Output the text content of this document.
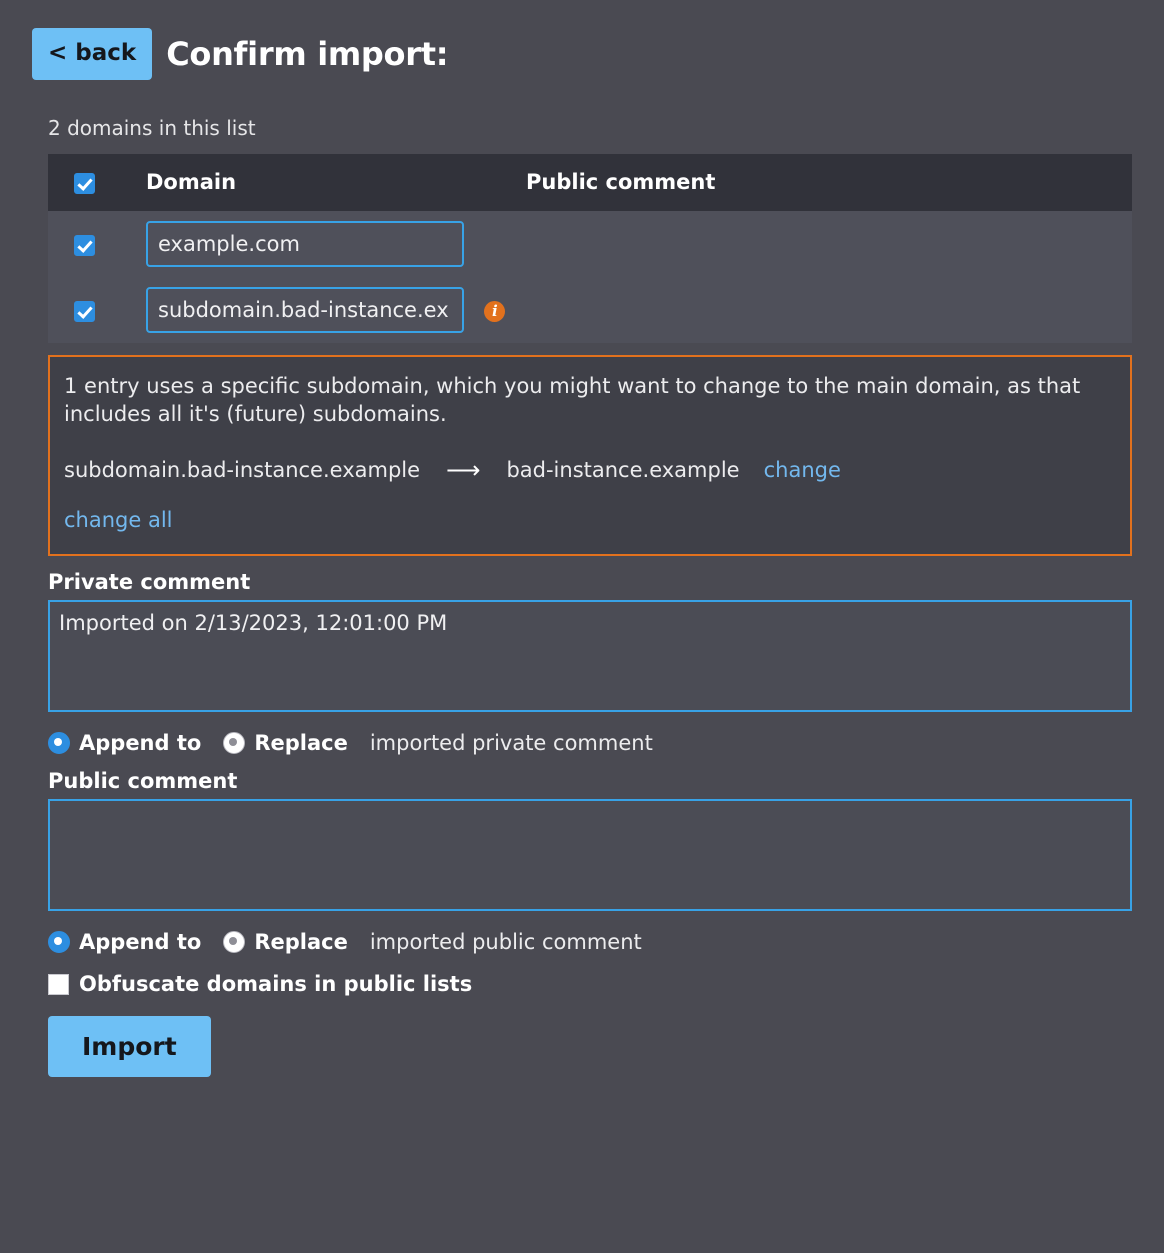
< back Confirm import:
2 domains in this list
	Domain	Public comment
	example.com	
	subdomain.bad-instance.ex i	

1 entry uses a specific subdomain, which you might want to change to the main domain, as that includes all it's (future) subdomains.

subdomain.bad-instance.example ⟶ bad-instance.example change
change all
Private comment
Imported on 2/13/2023, 12:01:00 PM
Append to	Replace imported private comment
Public comment
Append to	Replace imported public comment
Obfuscate domains in public lists
Import
